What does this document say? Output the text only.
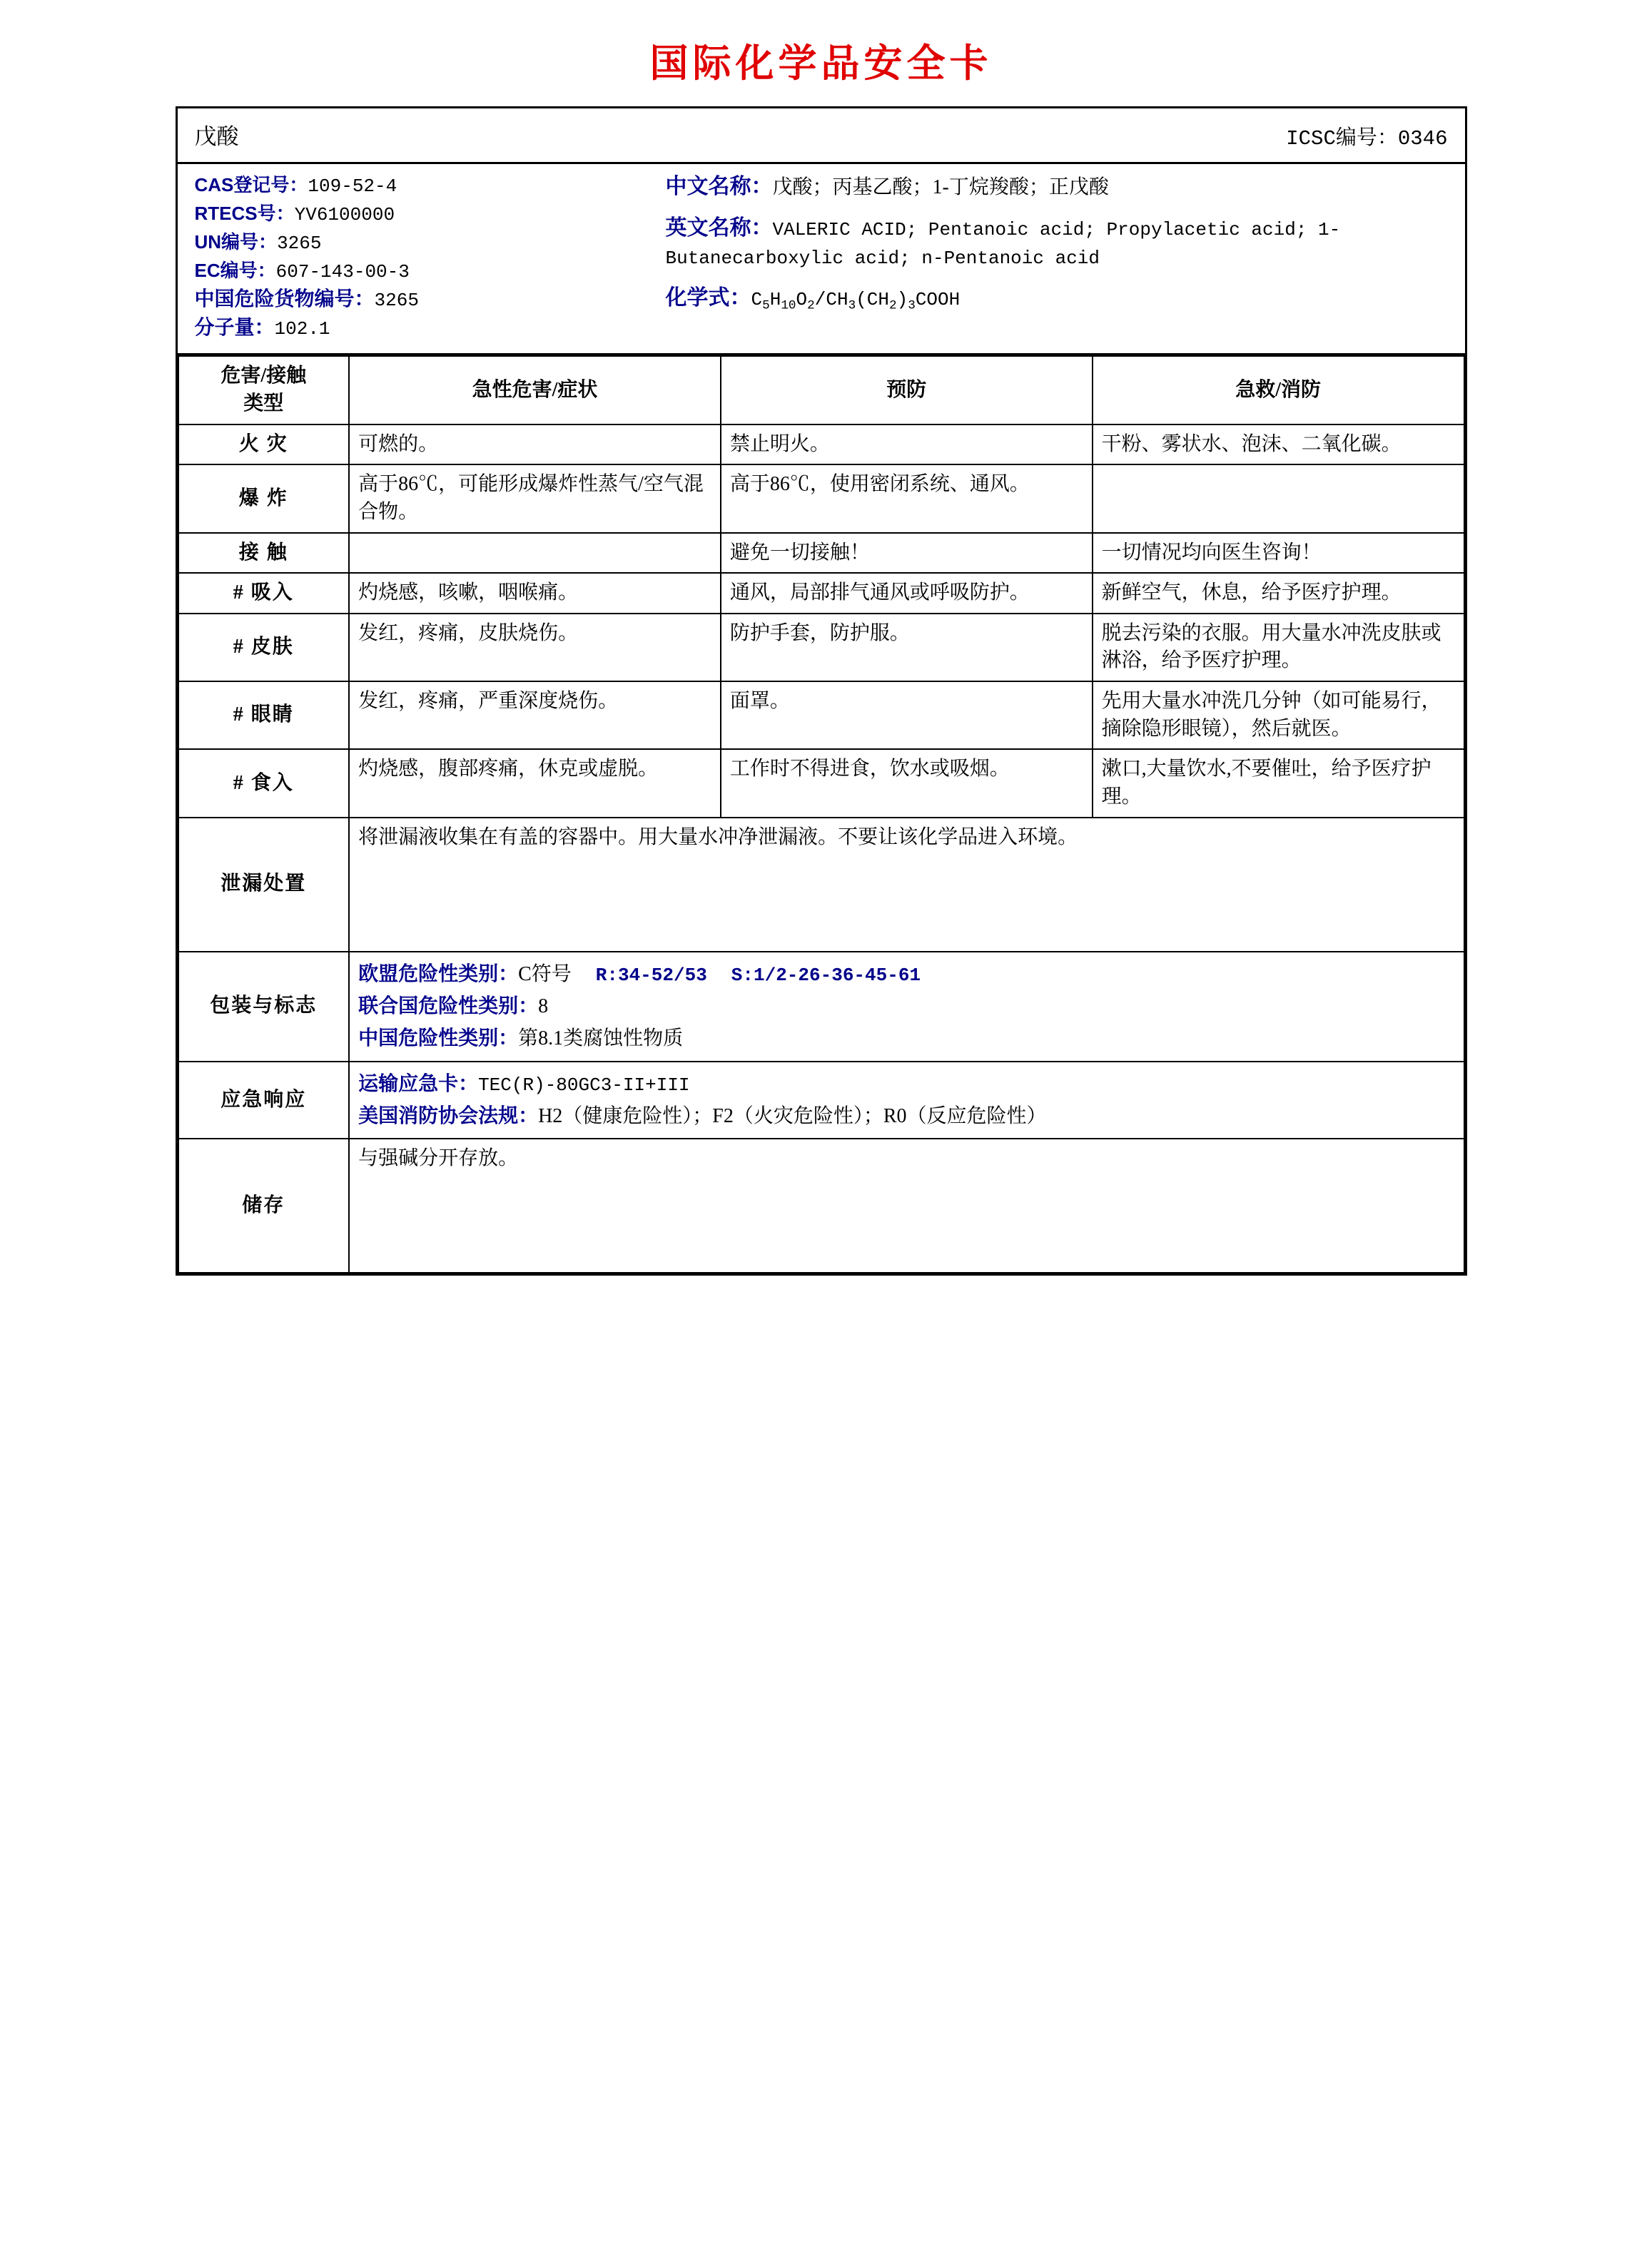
国际化学品安全卡
戊酸	ICSC编号：0346
CAS登记号：109-52-4
RTECS号：YV6100000
UN编号：3265
EC编号：607-143-00-3
中国危险货物编号：3265
分子量：102.1
中文名称：戊酸；丙基乙酸；1-丁烷羧酸；正戊酸
英文名称：VALERIC ACID; Pentanoic acid; Propylacetic acid; 1-Butanecarboxylic acid; n-Pentanoic acid
化学式：$C_5H_{10}O_2/CH_3(CH_2)_3COOH$
危害/接触
类型	急性危害/症状	预防	急救/消防
火 灾	可燃的。	禁止明火。	干粉、雾状水、泡沫、二氧化碳。
爆 炸	高于86℃，可能形成爆炸性蒸气/空气混合物。	高于86℃，使用密闭系统、通风。	
接 触		避免一切接触！	一切情况均向医生咨询！
# 吸入	灼烧感，咳嗽，咽喉痛。	通风，局部排气通风或呼吸防护。	新鲜空气，休息，给予医疗护理。
# 皮肤	发红，疼痛，皮肤烧伤。	防护手套，防护服。	脱去污染的衣服。用大量水冲洗皮肤或淋浴，给予医疗护理。
# 眼睛	发红，疼痛，严重深度烧伤。	面罩。	先用大量水冲洗几分钟（如可能易行，摘除隐形眼镜），然后就医。
# 食入	灼烧感，腹部疼痛，休克或虚脱。	工作时不得进食，饮水或吸烟。	漱口,大量饮水,不要催吐，给予医疗护理。
泄漏处置	将泄漏液收集在有盖的容器中。用大量水冲净泄漏液。不要让该化学品进入环境。		
包装与标志	欧盟危险性类别：C符号 R:34-52/53 S:1/2-26-36-45-61
联合国危险性类别：8
中国危险性类别：第8.1类腐蚀性物质		

应急响应	运输应急卡：TEC(R)-80GC3-II+III
美国消防协会法规：H2（健康危险性）；F2（火灾危险性）；R0（反应危险性）		

储存	与强碱分开存放。		
